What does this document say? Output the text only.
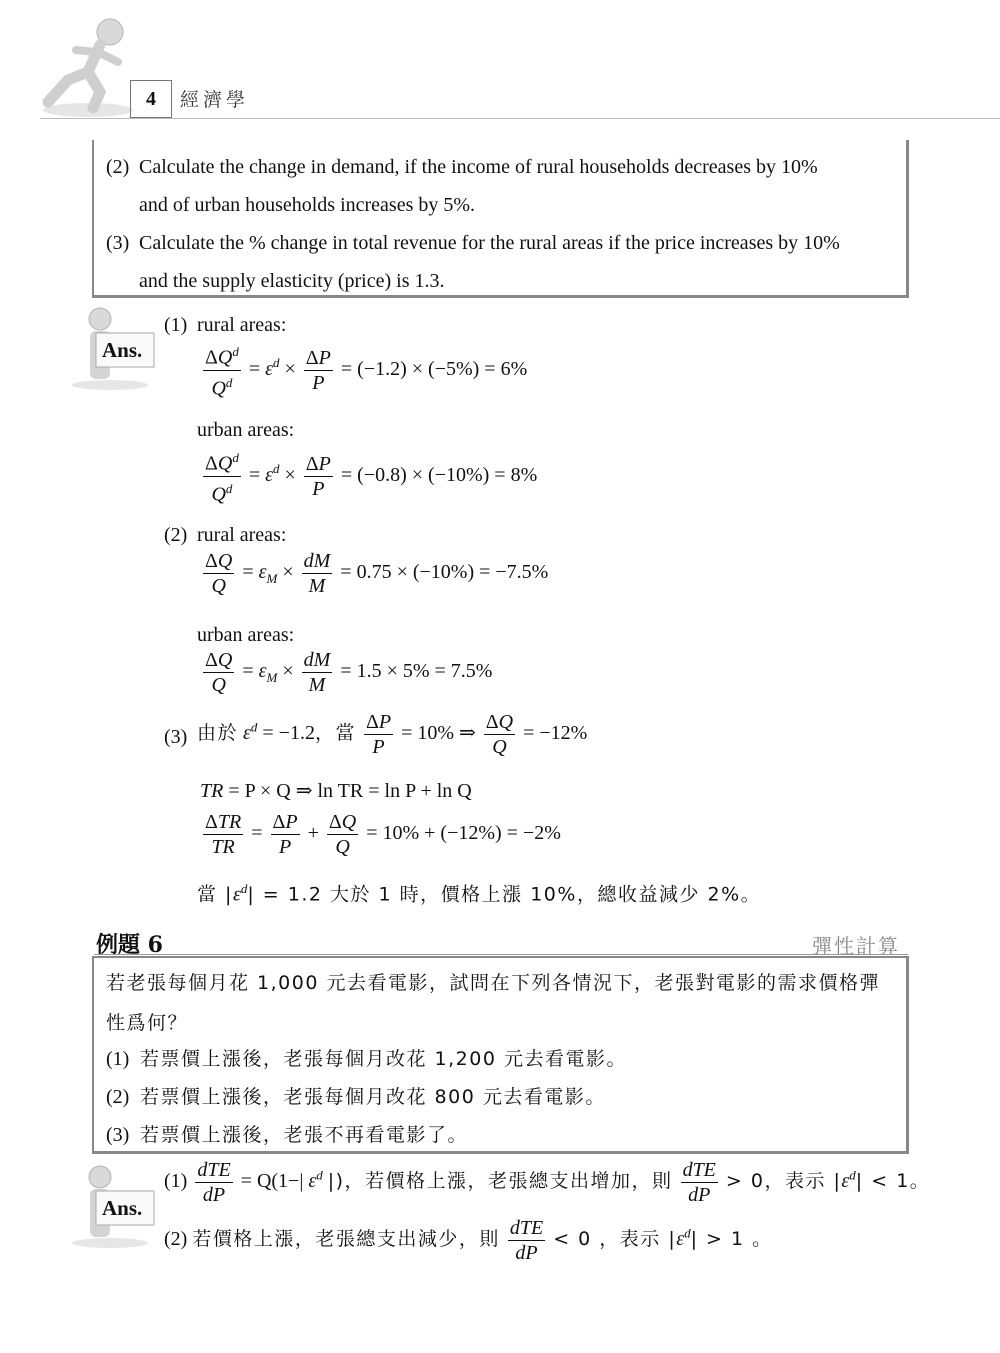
4	經濟學
(2) Calculate the change in demand, if the income of rural households decreases by 10%
and of urban households increases by 5%.
(3) Calculate the % change in total revenue for the rural areas if the price increases by 10%
and the supply elasticity (price) is 1.3.
Ans.
(1) rural areas:
$\frac{\Delta Q^d}{Q^d} = \varepsilon^d \times \frac{\Delta P}{P} = (-1.2) \times (-5\%) = 6\%$
urban areas:
$\frac{\Delta Q^d}{Q^d} = \varepsilon^d \times \frac{\Delta P}{P} = (-0.8) \times (-10\%) = 8\%$
(2) rural areas:
$\frac{\Delta Q}{Q} = \varepsilon_M \times \frac{dM}{M} = 0.75 \times (-10\%) = -7.5\%$
urban areas:
$\frac{\Delta Q}{Q} = \varepsilon_M \times \frac{dM}{M} = 1.5 \times 5\% = 7.5\%$
(3) 由於 $\varepsilon^d = -1.2$，當 $\frac{\Delta P}{P} = 10\%$ ⇒ $\frac{\Delta Q}{Q} = -12\%$
TR = P × Q ⇒ ln TR = ln P + ln Q
$\frac{\text{ΔTR}}{TR} = \frac{\Delta P}{P} + \frac{\Delta Q}{Q} = 10\% + (-12\%) = -2\%$
當 $|\varepsilon^d| = 1.2$ 大於 1 時，價格上漲 10%，總收益減少 2%。
例題 6	彈性計算
若老張每個月花 1,000 元去看電影，試問在下列各情況下，老張對電影的需求價格彈
性爲何？
(1) 若票價上漲後，老張每個月改花 1,200 元去看電影。
(2) 若票價上漲後，老張每個月改花 800 元去看電影。
(3) 若票價上漲後，老張不再看電影了。
Ans.
$(1) \frac{\text{dTE}}{dP} = Q(1-|$ $\varepsilon^d$ |)，若價格上漲，老張總支出增加，則 $\frac{\text{dTE}}{dP} > 0$，表示 $|\varepsilon^d| < 1$。
(2) 若價格上漲，老張總支出減少，則 $\frac{\text{dTE}}{dP} < 0$ ，表示 $|\varepsilon^d| > 1$ 。
